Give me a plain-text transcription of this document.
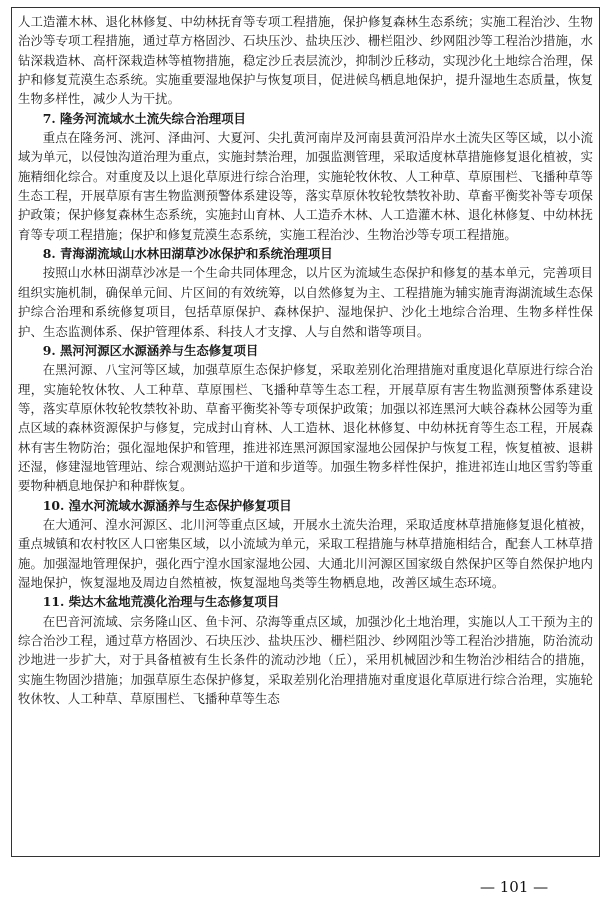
人工造灌木林、退化林修复、中幼林抚育等专项工程措施，保护修复森林生态系统；实施工程治沙、生物治沙等专项工程措施，通过草方格固沙、石块压沙、盐块压沙、栅栏阻沙、纱网阻沙等工程治沙措施，水钻深栽造林、高杆深栽造林等植物措施，稳定沙丘表层流沙，抑制沙丘移动，实现沙化土地综合治理，保护和修复荒漠生态系统。实施重要湿地保护与恢复项目，促进候鸟栖息地保护，提升湿地生态质量，恢复生物多样性，减少人为干扰。

7. 隆务河流域水土流失综合治理项目

重点在隆务河、洮河、泽曲河、大夏河、尖扎黄河南岸及河南县黄河沿岸水土流失区等区域，以小流域为单元，以侵蚀沟道治理为重点，实施封禁治理，加强监测管理，采取适度林草措施修复退化植被，实施精细化综合。对重度及以上退化草原进行综合治理，实施轮牧休牧、人工种草、草原围栏、飞播种草等生态工程，开展草原有害生物监测预警体系建设等，落实草原休牧轮牧禁牧补助、草畜平衡奖补等专项保护政策；保护修复森林生态系统，实施封山育林、人工造乔木林、人工造灌木林、退化林修复、中幼林抚育等专项工程措施；保护和修复荒漠生态系统，实施工程治沙、生物治沙等专项工程措施。

8. 青海湖流域山水林田湖草沙冰保护和系统治理项目

按照山水林田湖草沙冰是一个生命共同体理念，以片区为流域生态保护和修复的基本单元，完善项目组织实施机制，确保单元间、片区间的有效统筹，以自然修复为主、工程措施为辅实施青海湖流域生态保护综合治理和系统修复项目，包括草原保护、森林保护、湿地保护、沙化土地综合治理、生物多样性保护、生态监测体系、保护管理体系、科技人才支撑、人与自然和谐等项目。

9. 黑河河源区水源涵养与生态修复项目

在黑河源、八宝河等区域，加强草原生态保护修复，采取差别化治理措施对重度退化草原进行综合治理，实施轮牧休牧、人工种草、草原围栏、飞播种草等生态工程，开展草原有害生物监测预警体系建设等，落实草原休牧轮牧禁牧补助、草畜平衡奖补等专项保护政策；加强以祁连黑河大峡谷森林公园等为重点区域的森林资源保护与修复，完成封山育林、人工造林、退化林修复、中幼林抚育等生态工程，开展森林有害生物防治；强化湿地保护和管理，推进祁连黑河源国家湿地公园保护与恢复工程，恢复植被、退耕还湿，修建湿地管理站、综合观测站巡护干道和步道等。加强生物多样性保护，推进祁连山地区雪豹等重要物种栖息地保护和种群恢复。

10. 湟水河流域水源涵养与生态保护修复项目

在大通河、湟水河源区、北川河等重点区域，开展水土流失治理，采取适度林草措施修复退化植被，重点城镇和农村牧区人口密集区域，以小流域为单元，采取工程措施与林草措施相结合，配套人工林草措施。加强湿地管理保护，强化西宁湟水国家湿地公园、大通北川河源区国家级自然保护区等自然保护地内湿地保护，恢复湿地及周边自然植被，恢复湿地鸟类等生物栖息地，改善区域生态环境。

11. 柴达木盆地荒漠化治理与生态修复项目

在巴音河流域、宗务隆山区、鱼卡河、尕海等重点区域，加强沙化土地治理，实施以人工干预为主的综合治沙工程，通过草方格固沙、石块压沙、盐块压沙、栅栏阻沙、纱网阻沙等工程治沙措施，防治流动沙地进一步扩大，对于具备植被有生长条件的流动沙地（丘），采用机械固沙和生物治沙相结合的措施，实施生物固沙措施；加强草原生态保护修复，采取差别化治理措施对重度退化草原进行综合治理，实施轮牧休牧、人工种草、草原围栏、飞播种草等生态

— 101 —
